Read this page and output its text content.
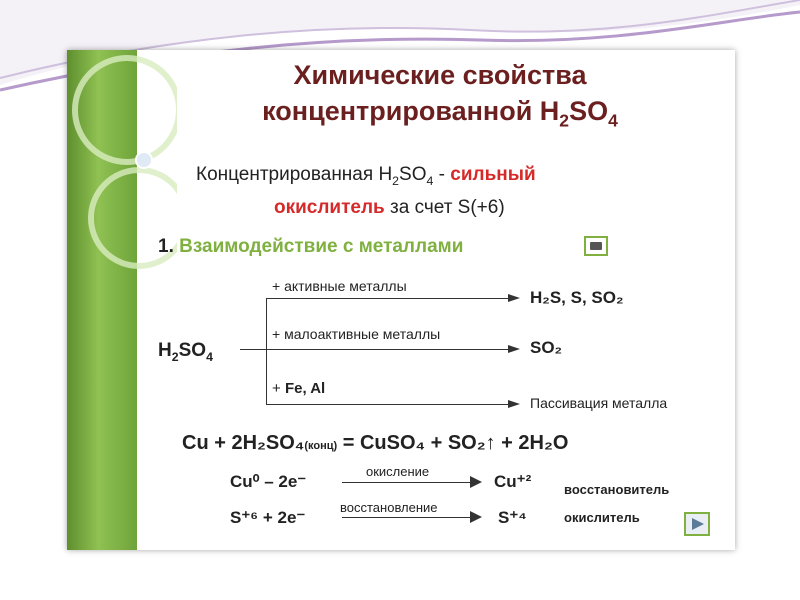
Химические свойства
концентрированной $H_2SO_4$
Концентрированная $H_2SO_4$ - сильный
окислитель за счет S(+6)
1. Взаимодействие с металлами
$H_2SO_4$
+ активные металлы
H₂S, S, SO₂
+ малоактивные металлы
SO₂
+ Fe, Al
Пассивация металла
Cu + 2H₂SO₄(конц) = CuSO₄ + SO₂↑ + 2H₂O
Cu⁰ – 2e⁻
окисление
Cu⁺²	восстановитель
S⁺⁶ + 2e⁻
восстановление
S⁺⁴	окислитель
